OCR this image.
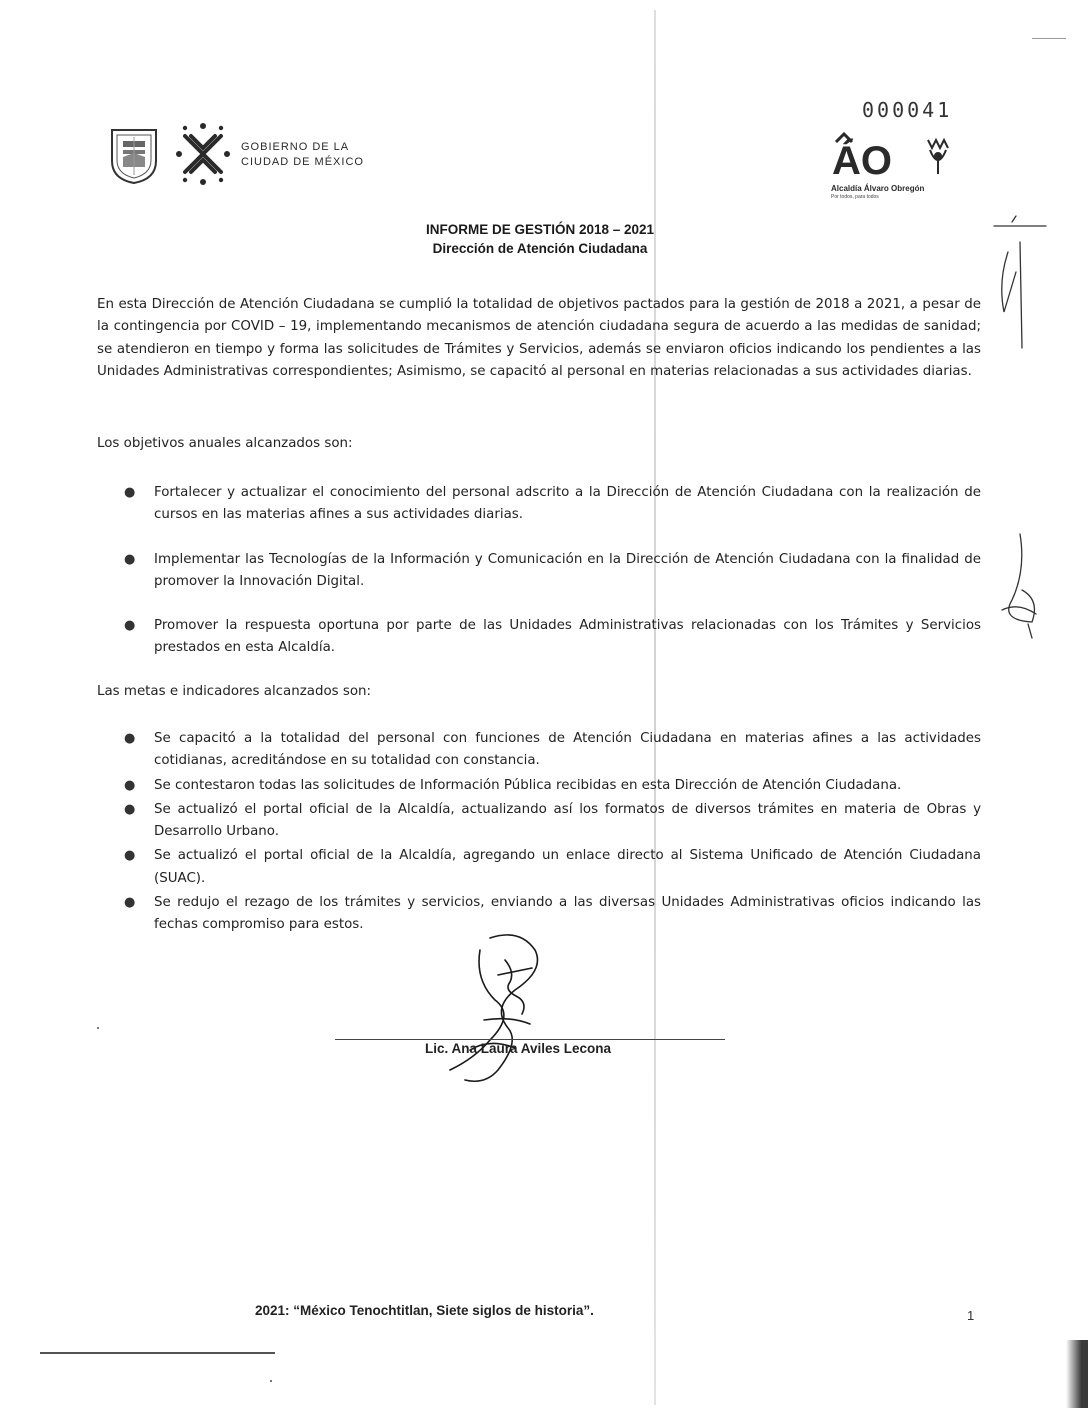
000041
GOBIERNO DE LA
CIUDAD DE MÉXICO	ÁO
Alcaldía Álvaro Obregón
Por todos, para todos
INFORME DE GESTIÓN 2018 – 2021
Dirección de Atención Ciudadana
En esta Dirección de Atención Ciudadana se cumplió la totalidad de objetivos pactados para la gestión de 2018 a 2021, a pesar de la contingencia por COVID – 19, implementando mecanismos de atención ciudadana segura de acuerdo a las medidas de sanidad; se atendieron en tiempo y forma las solicitudes de Trámites y Servicios, además se enviaron oficios indicando los pendientes a las Unidades Administrativas correspondientes; Asimismo, se capacitó al personal en materias relacionadas a sus actividades diarias.
Los objetivos anuales alcanzados son:
● Fortalecer y actualizar el conocimiento del personal adscrito a la Dirección de Atención Ciudadana con la realización de cursos en las materias afines a sus actividades diarias.
● Implementar las Tecnologías de la Información y Comunicación en la Dirección de Atención Ciudadana con la finalidad de promover la Innovación Digital.
● Promover la respuesta oportuna por parte de las Unidades Administrativas relacionadas con los Trámites y Servicios prestados en esta Alcaldía.
Las metas e indicadores alcanzados son:
● Se capacitó a la totalidad del personal con funciones de Atención Ciudadana en materias afines a las actividades cotidianas, acreditándose en su totalidad con constancia.
● Se contestaron todas las solicitudes de Información Pública recibidas en esta Dirección de Atención Ciudadana.
● Se actualizó el portal oficial de la Alcaldía, actualizando así los formatos de diversos trámites en materia de Obras y Desarrollo Urbano.
● Se actualizó el portal oficial de la Alcaldía, agregando un enlace directo al Sistema Unificado de Atención Ciudadana (SUAC).
● Se redujo el rezago de los trámites y servicios, enviando a las diversas Unidades Administrativas oficios indicando las fechas compromiso para estos.
Lic. Ana Laura Aviles Lecona
2021: “México Tenochtitlan, Siete siglos de historia”.	1
